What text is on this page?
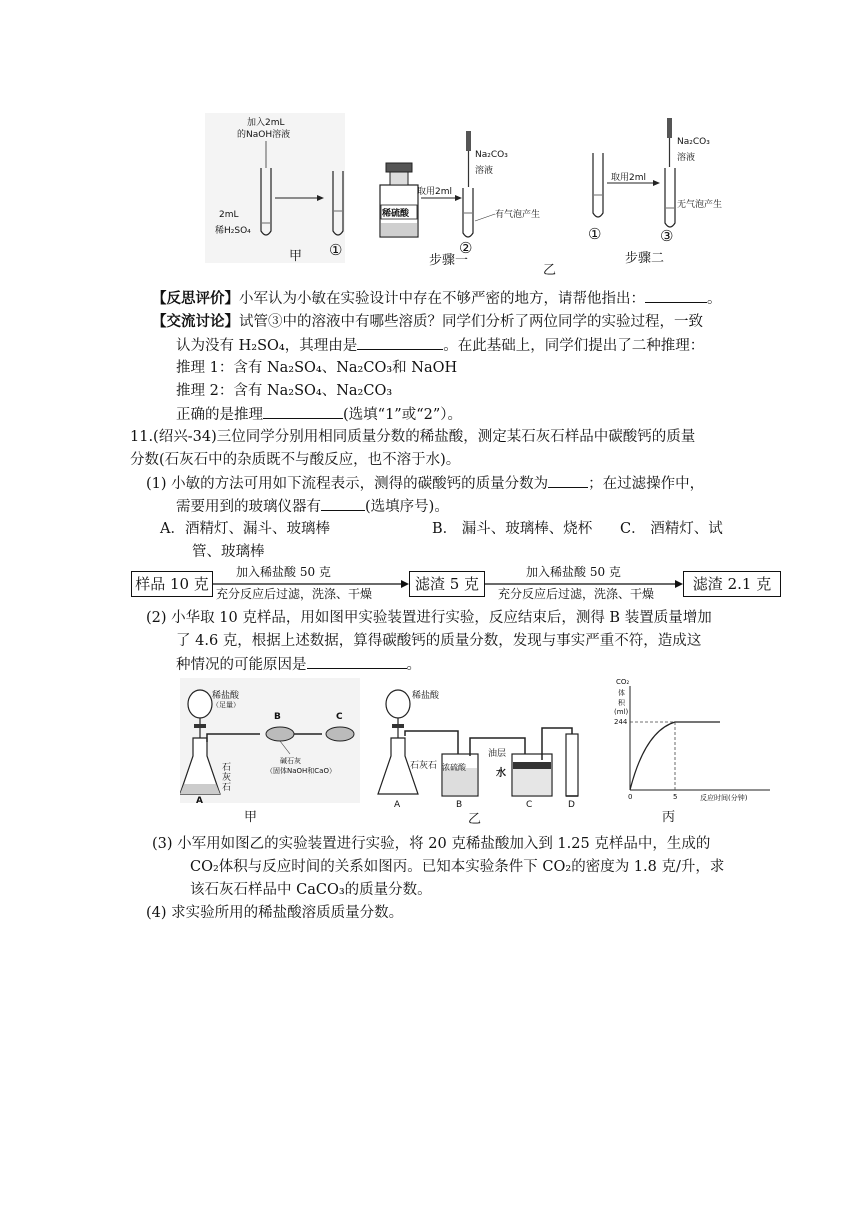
加入2mL
的NaOH溶液
2mL
稀H₂SO₄
甲 ①
稀硫酸
取用2ml
Na₂CO₃
溶液
有气泡产生
②
步骤一
乙
①
取用2ml
Na₂CO₃
溶液
无气泡产生
③
步骤二
【反思评价】小军认为小敏在实验设计中存在不够严密的地方，请帮他指出：	。
【交流讨论】试管③中的溶液中有哪些溶质？同学们分析了两位同学的实验过程，一致
认为没有 H₂SO₄，其理由是	。在此基础上，同学们提出了二种推理：
推理 1：含有 Na₂SO₄、Na₂CO₃和 NaOH
推理 2：含有 Na₂SO₄、Na₂CO₃
正确的是推理	(选填“1”或“2”）。
11.(绍兴-34)三位同学分别用相同质量分数的稀盐酸，测定某石灰石样品中碳酸钙的质量
分数(石灰石中的杂质既不与酸反应，也不溶于水)。
(1) 小敏的方法可用如下流程表示，测得的碳酸钙的质量分数为	；在过滤操作中，
需要用到的玻璃仪器有	(选填序号)。
A．酒精灯、漏斗、玻璃棒	B． 漏斗、玻璃棒、烧杯 C． 酒精灯、试
管、玻璃棒
样品 10 克	滤渣 5 克	滤渣 2.1 克
加入稀盐酸 50 克
充分反应后过滤，洗涤、干燥
加入稀盐酸 50 克
充分反应后过滤，洗涤、干燥
(2) 小华取 10 克样品，用如图甲实验装置进行实验，反应结束后，测得 B 装置质量增加
了 4.6 克，根据上述数据，算得碳酸钙的质量分数，发现与事实严重不符，造成这
种情况的可能原因是	。
稀盐酸
（足量）
B	C
石
灰
石
碱石灰
（固体NaOH和CaO）
A
甲
稀盐酸
石灰石
油层
浓硫酸
水
A	B	C	D
乙
CO₂
体
积
(ml)
244
0	5	反应时间(分钟)
丙
(3) 小军用如图乙的实验装置进行实验，将 20 克稀盐酸加入到 1.25 克样品中，生成的
CO₂体积与反应时间的关系如图丙。已知本实验条件下 CO₂的密度为 1.8 克/升，求
该石灰石样品中 CaCO₃的质量分数。
(4) 求实验所用的稀盐酸溶质质量分数。
